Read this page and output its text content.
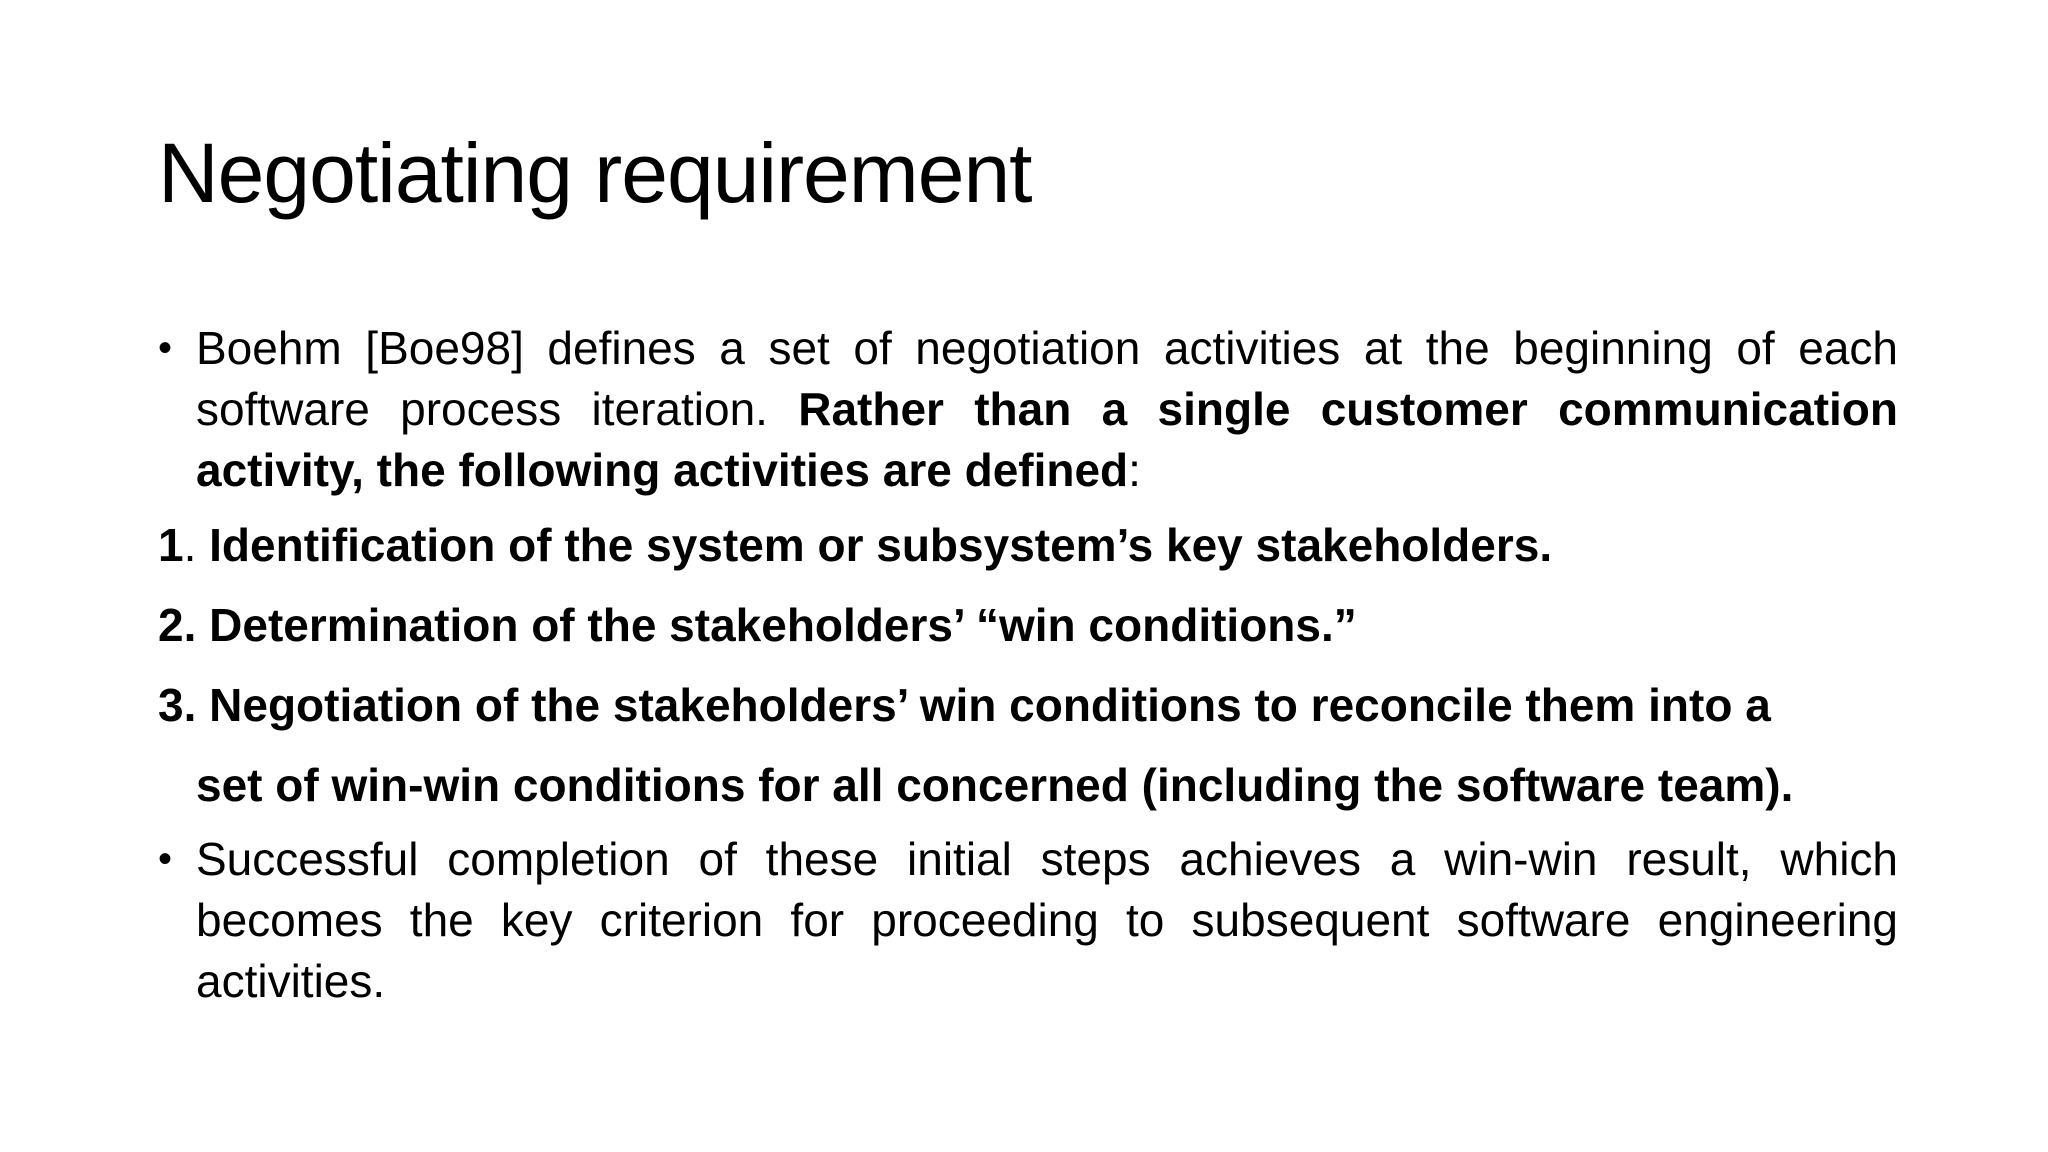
Negotiating requirement
• Boehm [Boe98] defines a set of negotiation activities at the beginning of each software process iteration. Rather than a single customer communication activity, the following activities are defined:
1. Identification of the system or subsystem’s key stakeholders.
2. Determination of the stakeholders’ “win conditions.”
3. Negotiation of the stakeholders’ win conditions to reconcile them into a
set of win-win conditions for all concerned (including the software team).
• Successful completion of these initial steps achieves a win-win result, which becomes the key criterion for proceeding to subsequent software engineering activities.
